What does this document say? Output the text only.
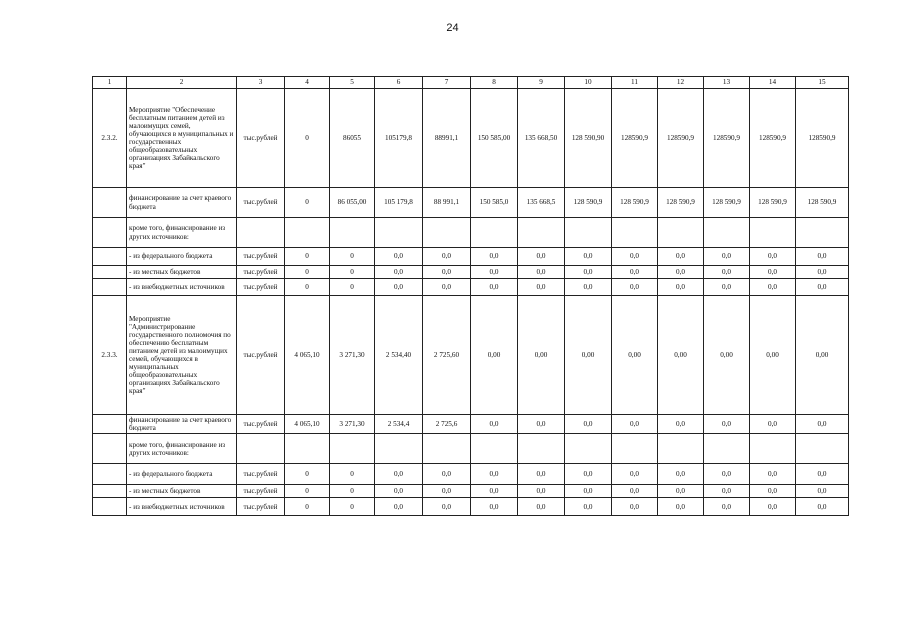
24
1	2	3	4	5	6	7	8	9	10	11	12	13	14	15
2.3.2.	Мероприятие "Обеспечение бесплатным питанием детей из малоимущих семей, обучающихся в муниципальных и государственных общеобразовательных организациях Забайкальского края"	тыс.рублей	0	86055	105179,8	88991,1	150 585,00	135 668,50	128 590,90	128590,9	128590,9	128590,9	128590,9	128590,9
	финансирование за счет краевого бюджета	тыс.рублей	0	86 055,00	105 179,8	88 991,1	150 585,0	135 668,5	128 590,9	128 590,9	128 590,9	128 590,9	128 590,9	128 590,9
	кроме того, финансирование из других источников:													
	- из федерального бюджета	тыс.рублей	0	0	0,0	0,0	0,0	0,0	0,0	0,0	0,0	0,0	0,0	0,0
	- из местных бюджетов	тыс.рублей	0	0	0,0	0,0	0,0	0,0	0,0	0,0	0,0	0,0	0,0	0,0
	- из внебюджетных источников	тыс.рублей	0	0	0,0	0,0	0,0	0,0	0,0	0,0	0,0	0,0	0,0	0,0
2.3.3.	Мероприятие "Администрирование государственного полномочия по обеспечению бесплатным питанием детей из малоимущих семей, обучающихся в муниципальных общеобразовательных организациях Забайкальского края"	тыс.рублей	4 065,10	3 271,30	2 534,40	2 725,60	0,00	0,00	0,00	0,00	0,00	0,00	0,00	0,00
	финансирование за счет краевого бюджета	тыс.рублей	4 065,10	3 271,30	2 534,4	2 725,6	0,0	0,0	0,0	0,0	0,0	0,0	0,0	0,0
	кроме того, финансирование из других источников:													
	- из федерального бюджета	тыс.рублей	0	0	0,0	0,0	0,0	0,0	0,0	0,0	0,0	0,0	0,0	0,0
	- из местных бюджетов	тыс.рублей	0	0	0,0	0,0	0,0	0,0	0,0	0,0	0,0	0,0	0,0	0,0
	- из внебюджетных источников	тыс.рублей	0	0	0,0	0,0	0,0	0,0	0,0	0,0	0,0	0,0	0,0	0,0
